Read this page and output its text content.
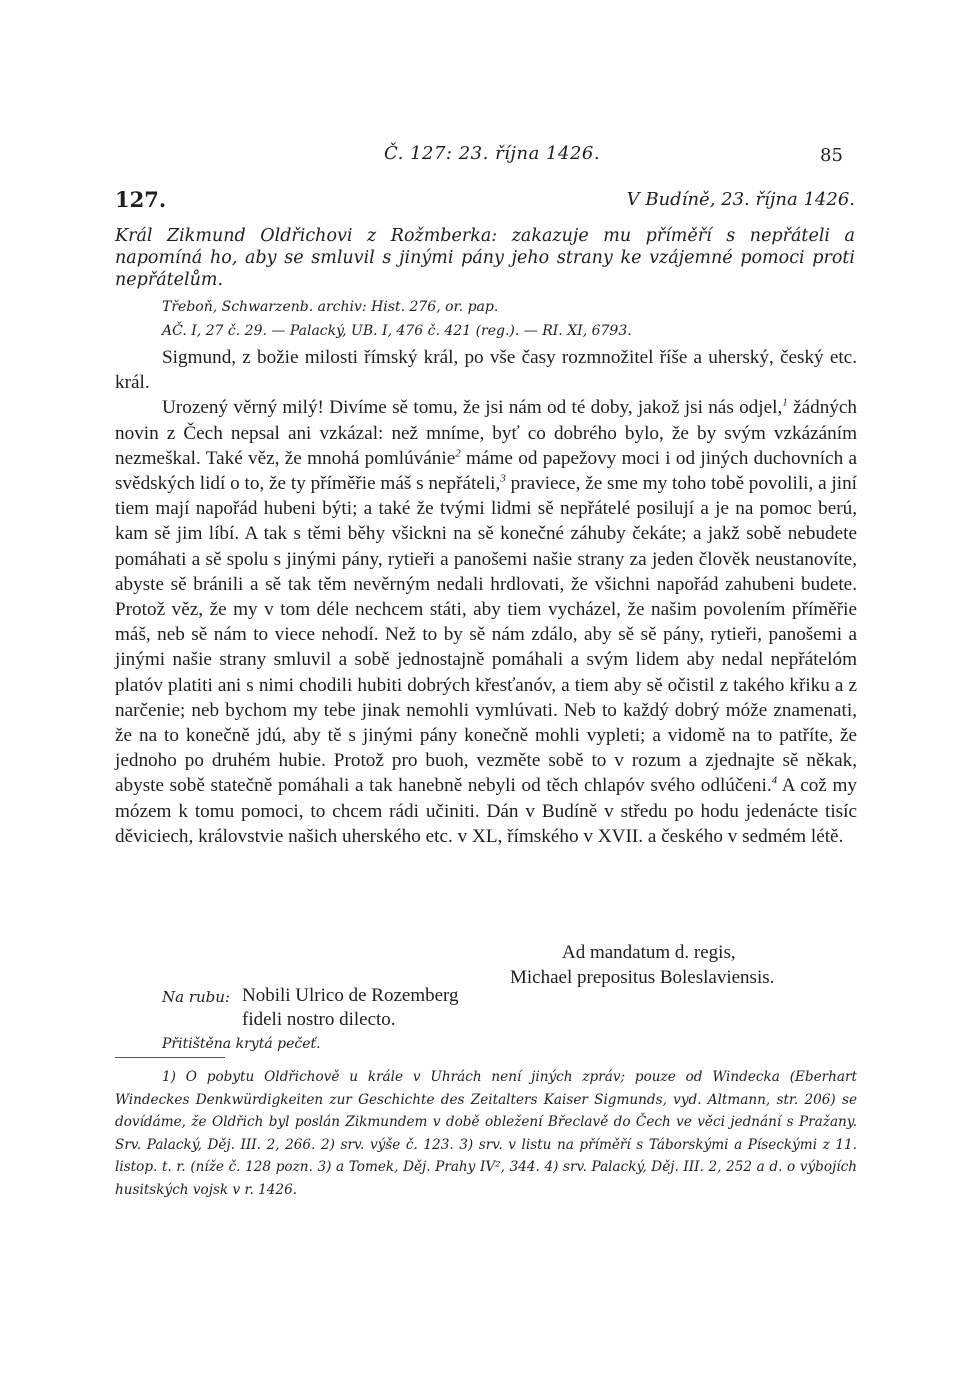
Č. 127: 23. října 1426.	85
127.	V Budíně, 23. října 1426.
Král Zikmund Oldřichovi z Rožmberka: zakazuje mu příměří s nepřáteli a napomíná ho, aby se smluvil s jinými pány jeho strany ke vzájemné pomoci proti nepřátelům.
Třeboň, Schwarzenb. archiv: Hist. 276, or. pap.
AČ. I, 27 č. 29. — Palacký, UB. I, 476 č. 421 (reg.). — RI. XI, 6793.

Sigmund, z božie milosti římský král, po vše časy rozmnožitel říše a uherský, český etc. král.

Urozený věrný milý! Divíme sě tomu, že jsi nám od té doby, jakož jsi nás odjel,$^1$ žádných novin z Čech nepsal ani vzkázal: než mníme, byť co dobrého bylo, že by svým vzkázáním nezmeškal. Také věz, že mnohá pomlúvánie$^2$ máme od papežovy moci i od jiných duchovních a svědských lidí o to, že ty příměřie máš s nepřáteli,$^3$ praviece, že sme my toho tobě povolili, a jiní tiem mají napořád hubeni býti; a také že tvými lidmi sě nepřátelé posilují a je na pomoc berú, kam sě jim líbí. A tak s těmi běhy všickni na sě konečné záhuby čekáte; a jakž sobě nebudete pomáhati a sě spolu s jinými pány, rytieři a panošemi našie strany za jeden člověk neustanovíte, abyste sě bránili a sě tak těm nevěrným nedali hrdlovati, že všichni napořád zahubeni budete. Protož věz, že my v tom déle nechcem státi, aby tiem vycházel, že našim povolením příměřie máš, neb sě nám to viece nehodí. Než to by sě nám zdálo, aby sě sě pány, rytieři, panošemi a jinými našie strany smluvil a sobě jednostajně pomáhali a svým lidem aby nedal nepřátelóm platóv platiti ani s nimi chodili hubiti dobrých křesťanóv, a tiem aby sě očistil z takého křiku a z narčenie; neb bychom my tebe jinak nemohli vymlúvati. Neb to každý dobrý móže znamenati, že na to konečně jdú, aby tě s jinými pány konečně mohli vypleti; a vidomě na to patříte, že jednoho po druhém hubie. Protož pro buoh, vezměte sobě to v rozum a zjednajte sě někak, abyste sobě statečně pomáhali a tak hanebně nebyli od těch chlapóv svého odlúčeni.$^4$ A což my mózem k tomu pomoci, to chcem rádi učiniti. Dán v Budíně v středu po hodu jedenácte tisíc děviciech, královstvie našich uherského etc. v XL, římského v XVII. a českého v sedmém létě.

Ad mandatum d. regis,
Michael prepositus Boleslaviensis.
Na rubu: Nobili Ulrico de Rozemberg
fideli nostro dilecto.
Přitištěna krytá pečeť.

1) O pobytu Oldřichově u krále v Uhrách není jiných zpráv; pouze od Windecka (Eberhart Windeckes Denkwürdigkeiten zur Geschichte des Zeitalters Kaiser Sigmunds, vyd. Altmann, str. 206) se dovídáme, že Oldřich byl poslán Zikmundem v době obležení Břeclavě do Čech ve věci jednání s Pražany. Srv. Palacký, Děj. III. 2, 266. 2) srv. výše č. 123. 3) srv. v listu na příměří s Táborskými a Píseckými z 11. listop. t. r. (níže č. 128 pozn. 3) a Tomek, Děj. Prahy IV², 344. 4) srv. Palacký, Děj. III. 2, 252 a d. o výbojích husitských vojsk v r. 1426.
